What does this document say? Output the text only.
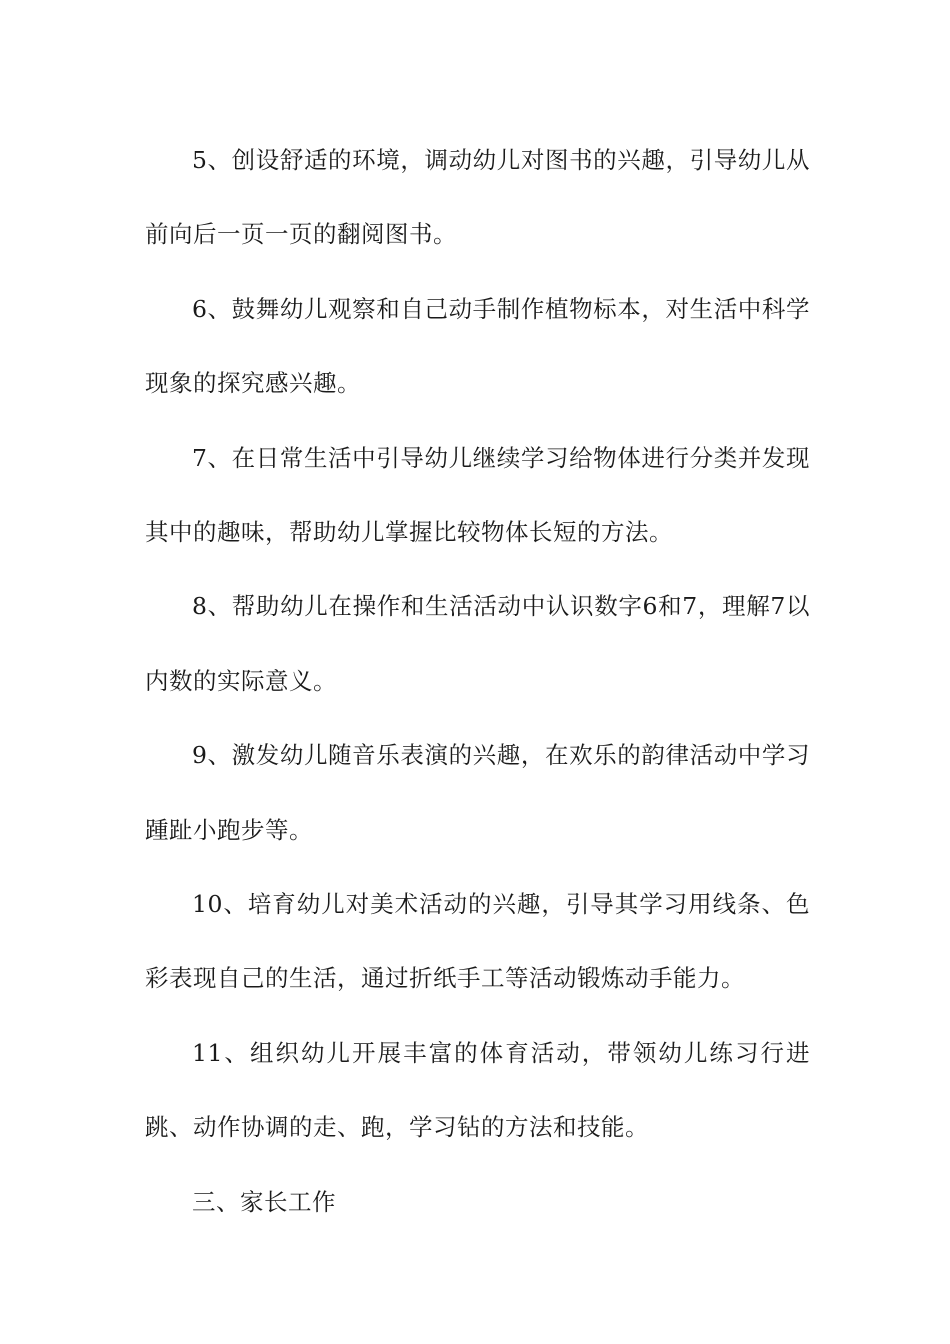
5、创设舒适的环境，调动幼儿对图书的兴趣，引导幼儿从前向后一页一页的翻阅图书。

6、鼓舞幼儿观察和自己动手制作植物标本，对生活中科学现象的探究感兴趣。

7、在日常生活中引导幼儿继续学习给物体进行分类并发现其中的趣味，帮助幼儿掌握比较物体长短的方法。

8、帮助幼儿在操作和生活活动中认识数字6和7，理解7以内数的实际意义。

9、激发幼儿随音乐表演的兴趣，在欢乐的韵律活动中学习踵趾小跑步等。

10、培育幼儿对美术活动的兴趣，引导其学习用线条、色彩表现自己的生活，通过折纸手工等活动锻炼动手能力。

11、组织幼儿开展丰富的体育活动，带领幼儿练习行进跳、动作协调的走、跑，学习钻的方法和技能。

三、家长工作
